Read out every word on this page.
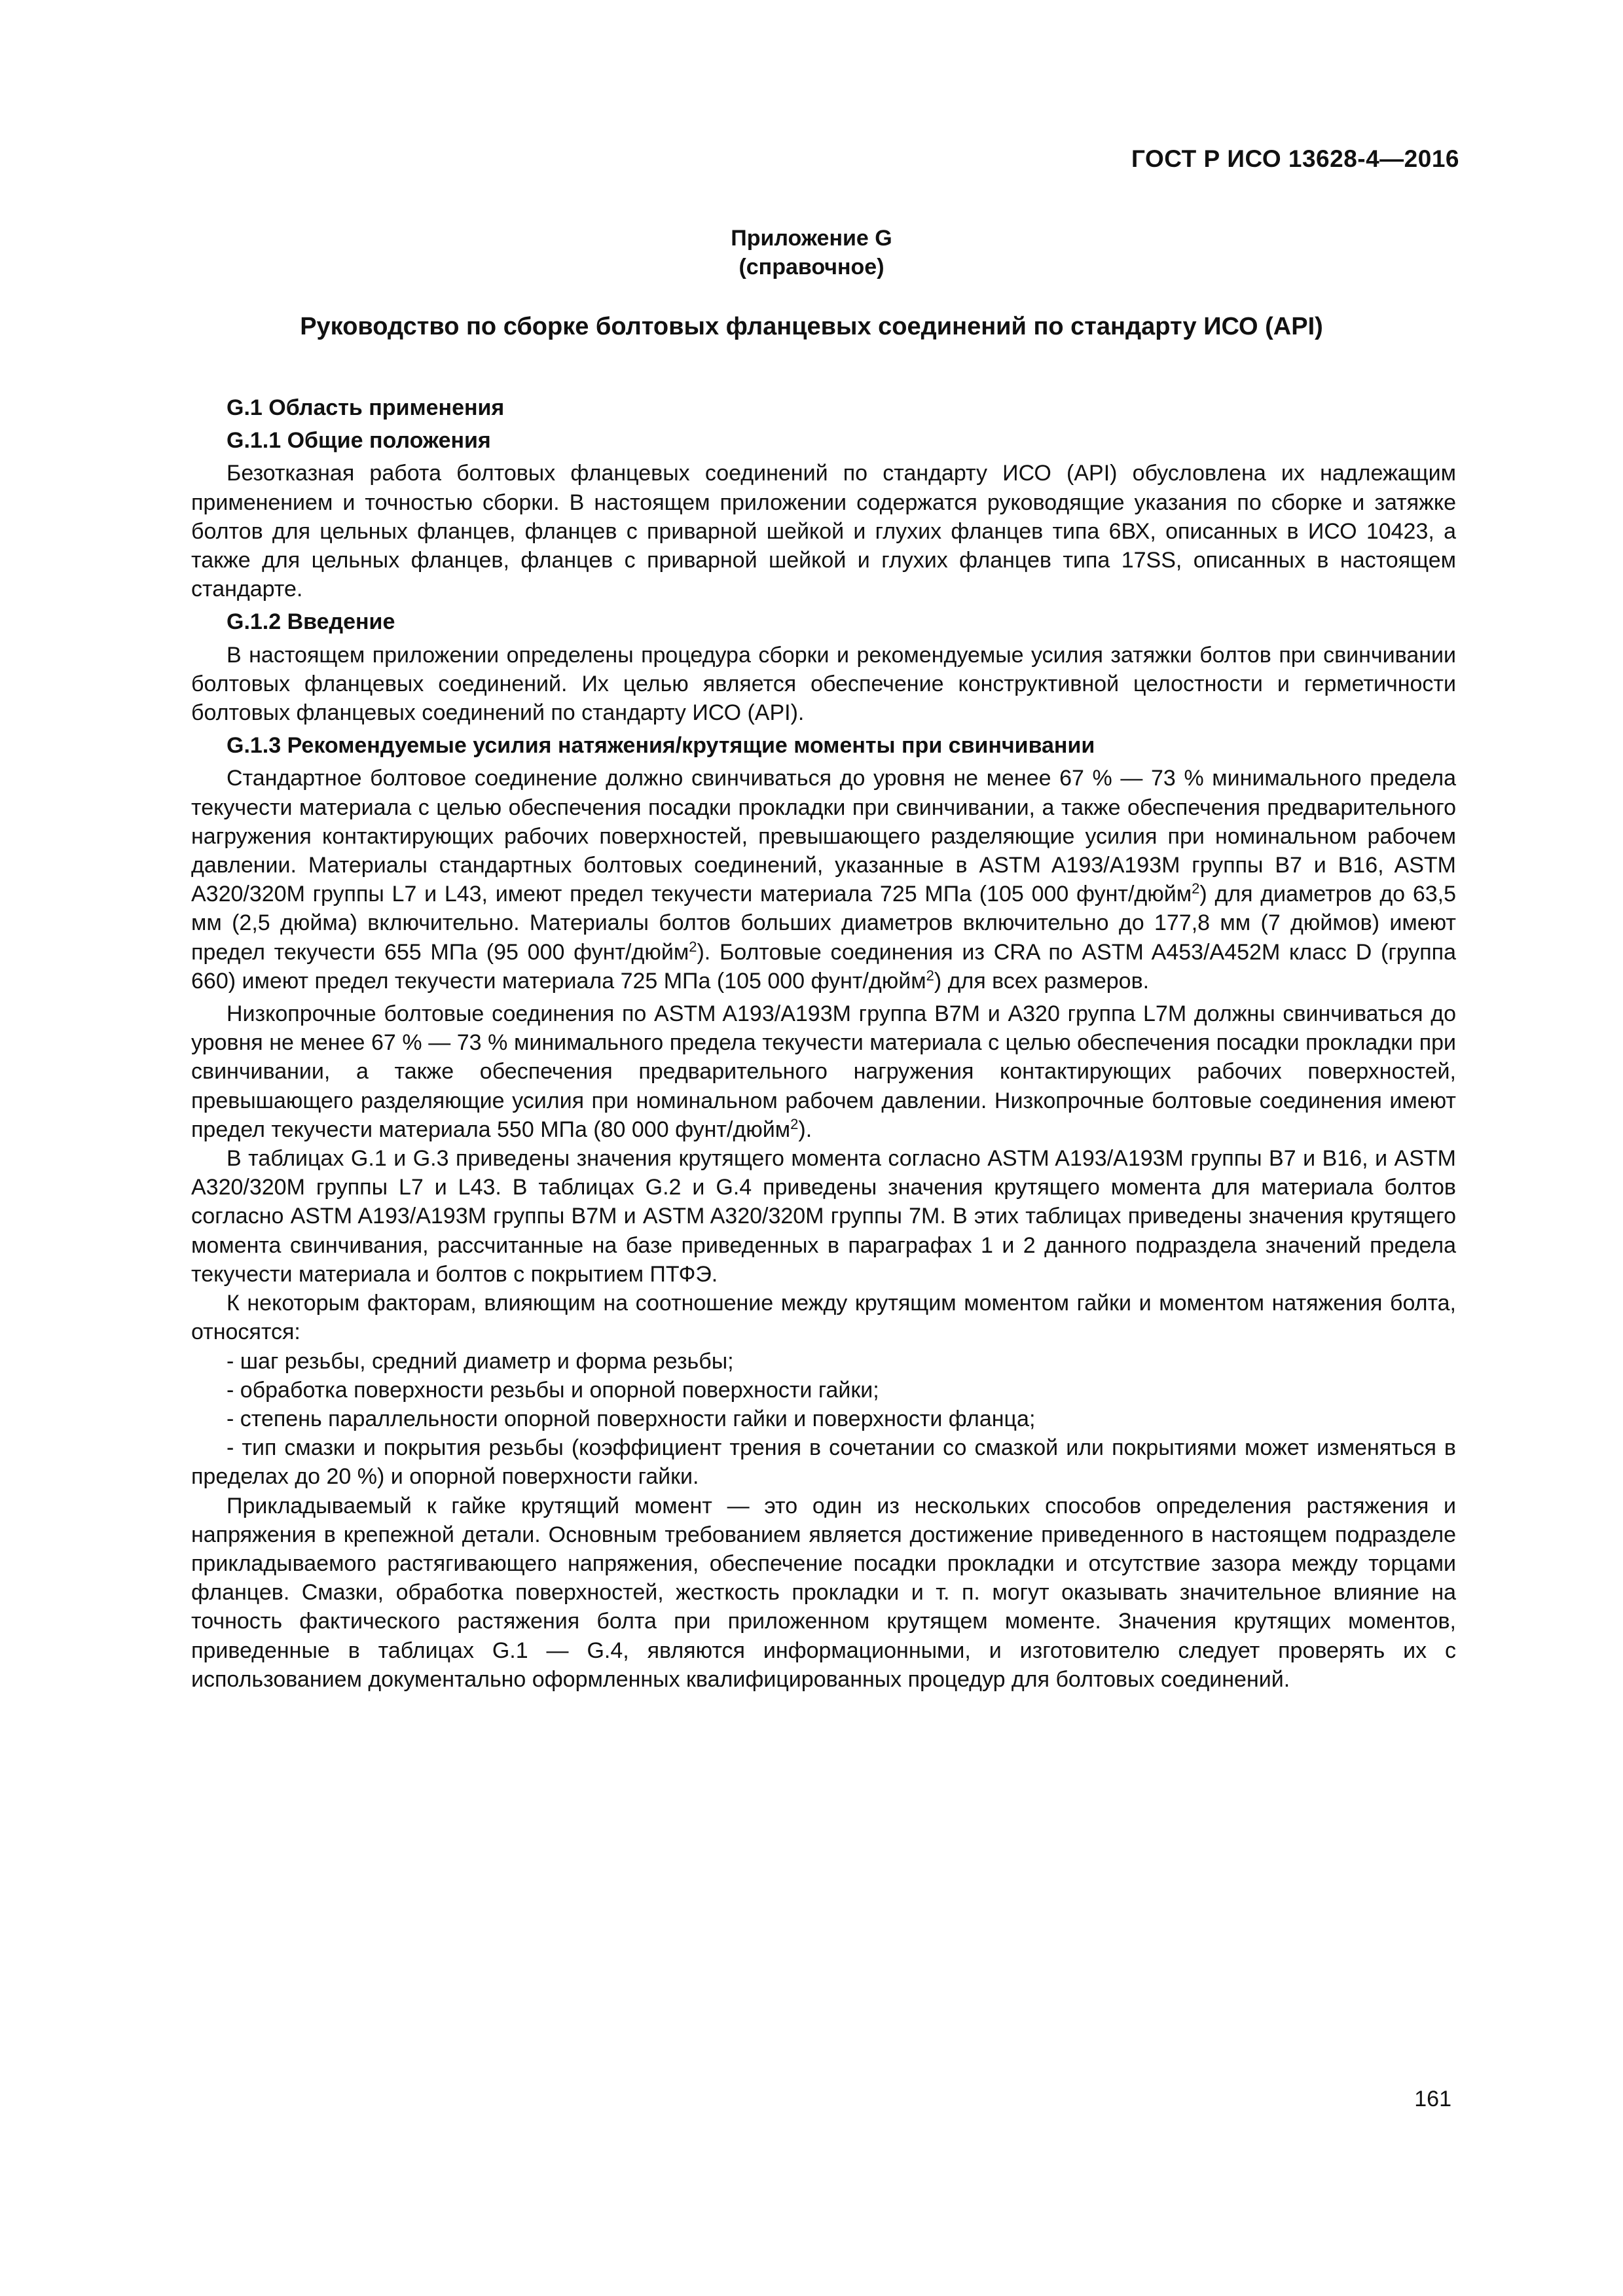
ГОСТ Р ИСО 13628-4—2016
Приложение G
(справочное)
Руководство по сборке болтовых фланцевых соединений по стандарту ИСО (API)

G.1 Область применения

G.1.1 Общие положения

Безотказная работа болтовых фланцевых соединений по стандарту ИСО (API) обусловлена их надлежащим применением и точностью сборки. В настоящем приложении содержатся руководящие указания по сборке и затяжке болтов для цельных фланцев, фланцев с приварной шейкой и глухих фланцев типа 6ВХ, описанных в ИСО 10423, а также для цельных фланцев, фланцев с приварной шейкой и глухих фланцев типа 17SS, описанных в настоящем стандарте.

G.1.2 Введение

В настоящем приложении определены процедура сборки и рекомендуемые усилия затяжки болтов при свинчивании болтовых фланцевых соединений. Их целью является обеспечение конструктивной целостности и герметичности болтовых фланцевых соединений по стандарту ИСО (API).

G.1.3 Рекомендуемые усилия натяжения/крутящие моменты при свинчивании

Стандартное болтовое соединение должно свинчиваться до уровня не менее 67 % — 73 % минимального предела текучести материала с целью обеспечения посадки прокладки при свинчивании, а также обеспечения предварительного нагружения контактирующих рабочих поверхностей, превышающего разделяющие усилия при номинальном рабочем давлении. Материалы стандартных болтовых соединений, указанные в ASTM A193/A193M группы B7 и B16, ASTM A320/320M группы L7 и L43, имеют предел текучести материала 725 МПа (105 000 фунт/дюйм$^2$) для диаметров до 63,5 мм (2,5 дюйма) включительно. Материалы болтов больших диаметров включительно до 177,8 мм (7 дюймов) имеют предел текучести 655 МПа (95 000 фунт/дюйм$^2$). Болтовые соединения из CRA по ASTM A453/A452M класс D (группа 660) имеют предел текучести материала 725 МПа (105 000 фунт/дюйм$^2$) для всех размеров.

Низкопрочные болтовые соединения по ASTM A193/A193M группа B7M и A320 группа L7M должны свинчиваться до уровня не менее 67 % — 73 % минимального предела текучести материала с целью обеспечения посадки прокладки при свинчивании, а также обеспечения предварительного нагружения контактирующих рабочих поверхностей, превышающего разделяющие усилия при номинальном рабочем давлении. Низкопрочные болтовые соединения имеют предел текучести материала 550 МПа (80 000 фунт/дюйм$^2$).

В таблицах G.1 и G.3 приведены значения крутящего момента согласно ASTM A193/A193M группы B7 и B16, и ASTM A320/320M группы L7 и L43. В таблицах G.2 и G.4 приведены значения крутящего момента для материала болтов согласно ASTM A193/A193M группы B7M и ASTM A320/320M группы 7M. В этих таблицах приведены значения крутящего момента свинчивания, рассчитанные на базе приведенных в параграфах 1 и 2 данного подраздела значений предела текучести материала и болтов с покрытием ПТФЭ.

К некоторым факторам, влияющим на соотношение между крутящим моментом гайки и моментом натяжения болта, относятся:

- шаг резьбы, средний диаметр и форма резьбы;

- обработка поверхности резьбы и опорной поверхности гайки;

- степень параллельности опорной поверхности гайки и поверхности фланца;

- тип смазки и покрытия резьбы (коэффициент трения в сочетании со смазкой или покрытиями может изменяться в пределах до 20 %) и опорной поверхности гайки.

Прикладываемый к гайке крутящий момент — это один из нескольких способов определения растяжения и напряжения в крепежной детали. Основным требованием является достижение приведенного в настоящем подразделе прикладываемого растягивающего напряжения, обеспечение посадки прокладки и отсутствие зазора между торцами фланцев. Смазки, обработка поверхностей, жесткость прокладки и т. п. могут оказывать значительное влияние на точность фактического растяжения болта при приложенном крутящем моменте. Значения крутящих моментов, приведенные в таблицах G.1 — G.4, являются информационными, и изготовителю следует проверять их с использованием документально оформленных квалифицированных процедур для болтовых соединений.

161
